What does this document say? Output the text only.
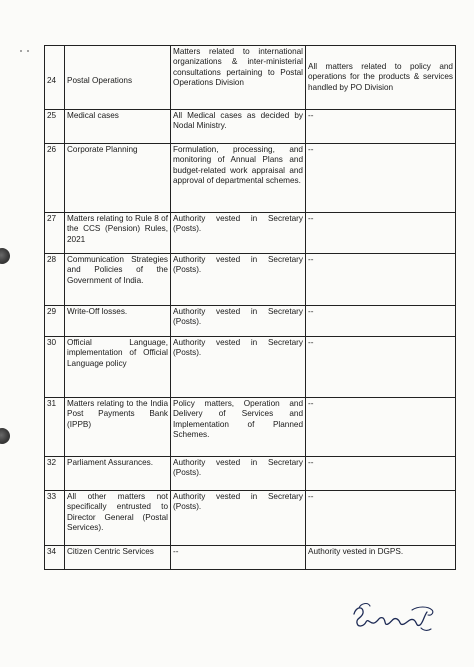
24	Postal Operations	Matters related to international organizations & inter-ministerial consultations pertaining to Postal Operations Division	All matters related to policy and operations for the products & services handled by PO Division
25	Medical cases	All Medical cases as decided by Nodal Ministry.	--
26	Corporate Planning	Formulation, processing, and monitoring of Annual Plans and budget-related work appraisal and approval of departmental schemes.	--
27	Matters relating to Rule 8 of the CCS (Pension) Rules, 2021	Authority vested in Secretary (Posts).	--
28	Communication Strategies and Policies of the Government of India.	Authority vested in Secretary (Posts).	--
29	Write-Off losses.	Authority vested in Secretary (Posts).	--
30	Official Language, implementation of Official Language policy	Authority vested in Secretary (Posts).	--
31	Matters relating to the India Post Payments Bank (IPPB)	Policy matters, Operation and Delivery of Services and Implementation of Planned Schemes.	--
32	Parliament Assurances.	Authority vested in Secretary (Posts).	--
33	All other matters not specifically entrusted to Director General (Postal Services).	Authority vested in Secretary (Posts).	--
34	Citizen Centric Services	--	Authority vested in DGPS.
